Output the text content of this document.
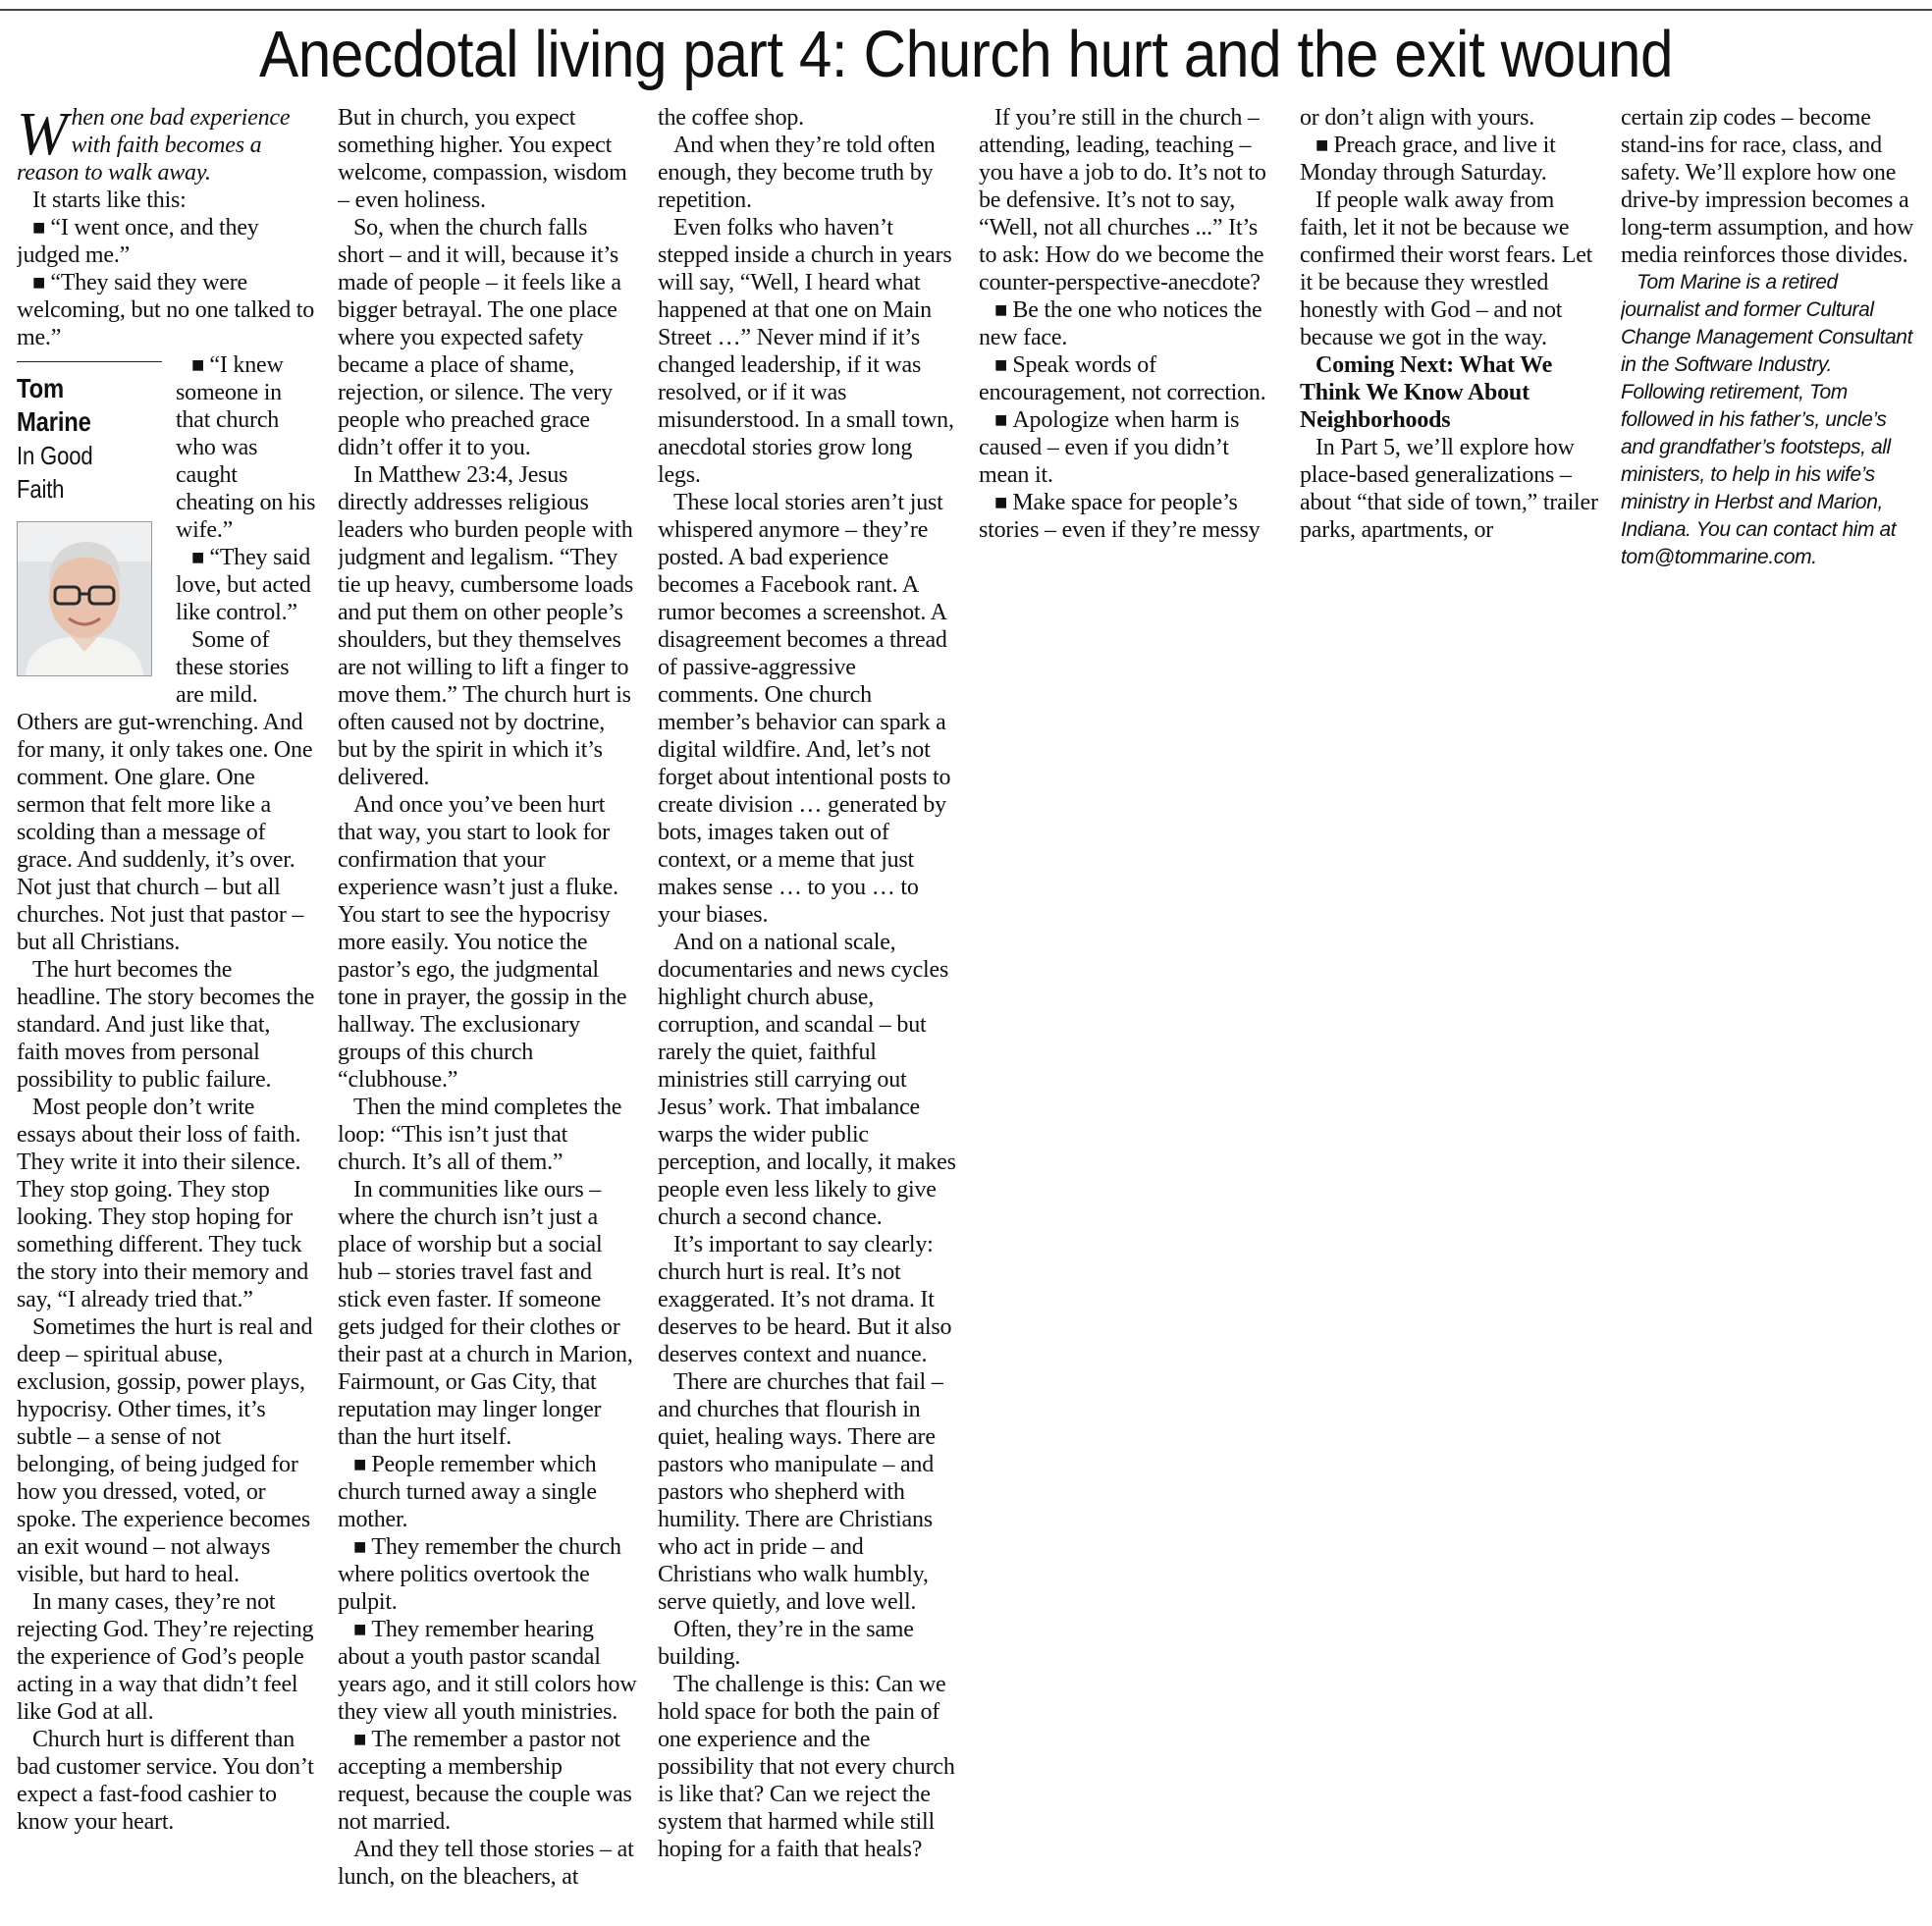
Anecdotal living part 4: Church hurt and the exit wound

When one bad experience with faith becomes a reason to walk away.

It starts like this:

■ “I went once, and they judged me.”

■ “They said they were welcoming, but no one talked to me.”

Tom
Marine
In Good
Faith

■ “I knew someone in that church who was caught cheating on his wife.”

■ “They said love, but acted like control.”

Some of these stories are mild. Others are gut-wrenching. And for many, it only takes one. One comment. One glare. One sermon that felt more like a scolding than a message of grace. And suddenly, it’s over. Not just that church – but all churches. Not just that pastor – but all Christians.

The hurt becomes the headline. The story becomes the standard. And just like that, faith moves from personal possibility to public failure.

Most people don’t write essays about their loss of faith. They write it into their silence. They stop going. They stop looking. They stop hoping for something different. They tuck the story into their memory and say, “I already tried that.”

Sometimes the hurt is real and deep – spiritual abuse, exclusion, gossip, power plays, hypocrisy. Other times, it’s subtle – a sense of not belonging, of being judged for how you dressed, voted, or spoke. The experience becomes an exit wound – not always visible, but hard to heal.

In many cases, they’re not rejecting God. They’re rejecting the experience of God’s people acting in a way that didn’t feel like God at all.

Church hurt is different than bad customer service. You don’t expect a fast-food cashier to know your heart.

But in church, you expect something higher. You expect welcome, compassion, wisdom – even holiness.

So, when the church falls short – and it will, because it’s made of people – it feels like a bigger betrayal. The one place where you expected safety became a place of shame, rejection, or silence. The very people who preached grace didn’t offer it to you.

In Matthew 23:4, Jesus directly addresses religious leaders who burden people with judgment and legalism. “They tie up heavy, cumbersome loads and put them on other people’s shoulders, but they themselves are not willing to lift a finger to move them.” The church hurt is often caused not by doctrine, but by the spirit in which it’s delivered.

And once you’ve been hurt that way, you start to look for confirmation that your experience wasn’t just a fluke. You start to see the hypocrisy more easily. You notice the pastor’s ego, the judgmental tone in prayer, the gossip in the hallway. The exclusionary groups of this church “clubhouse.”

Then the mind completes the loop: “This isn’t just that church. It’s all of them.”

In communities like ours – where the church isn’t just a place of worship but a social hub – stories travel fast and stick even faster. If someone gets judged for their clothes or their past at a church in Marion, Fairmount, or Gas City, that reputation may linger longer than the hurt itself.

■ People remember which church turned away a single mother.

■ They remember the church where politics overtook the pulpit.

■ They remember hearing about a youth pastor scandal years ago, and it still colors how they view all youth ministries.

■ The remember a pastor not accepting a membership request, because the couple was not married.

And they tell those stories – at lunch, on the bleachers, at

the coffee shop.

And when they’re told often enough, they become truth by repetition.

Even folks who haven’t stepped inside a church in years will say, “Well, I heard what happened at that one on Main Street …” Never mind if it’s changed leadership, if it was resolved, or if it was misunderstood. In a small town, anecdotal stories grow long legs.

These local stories aren’t just whispered anymore – they’re posted. A bad experience becomes a Facebook rant. A rumor becomes a screenshot. A disagreement becomes a thread of passive-aggressive comments. One church member’s behavior can spark a digital wildfire. And, let’s not forget about intentional posts to create division … generated by bots, images taken out of context, or a meme that just makes sense … to you … to your biases.

And on a national scale, documentaries and news cycles highlight church abuse, corruption, and scandal – but rarely the quiet, faithful ministries still carrying out Jesus’ work. That imbalance warps the wider public perception, and locally, it makes people even less likely to give church a second chance.

It’s important to say clearly: church hurt is real. It’s not exaggerated. It’s not drama. It deserves to be heard. But it also deserves context and nuance.

There are churches that fail – and churches that flourish in quiet, healing ways. There are pastors who manipulate – and pastors who shepherd with humility. There are Christians who act in pride – and Christians who walk humbly, serve quietly, and love well.

Often, they’re in the same building.

The challenge is this: Can we hold space for both the pain of one experience and the possibility that not every church is like that? Can we reject the system that harmed while still hoping for a faith that heals?

If you’re still in the church – attending, leading, teaching – you have a job to do. It’s not to be defensive. It’s not to say, “Well, not all churches ...” It’s to ask: How do we become the counter-perspective-anecdote?

■ Be the one who notices the new face.

■ Speak words of encouragement, not correction.

■ Apologize when harm is caused – even if you didn’t mean it.

■ Make space for people’s stories – even if they’re messy

or don’t align with yours.

■ Preach grace, and live it Monday through Saturday.

If people walk away from faith, let it not be because we confirmed their worst fears. Let it be because they wrestled honestly with God – and not because we got in the way.

Coming Next: What We Think We Know About Neighborhoods

In Part 5, we’ll explore how place-based generalizations – about “that side of town,” trailer parks, apartments, or

certain zip codes – become stand-ins for race, class, and safety. We’ll explore how one drive-by impression becomes a long-term assumption, and how media reinforces those divides.

Tom Marine is a retired journalist and former Cultural Change Management Consultant in the Software Industry. Following retirement, Tom followed in his father’s, uncle’s and grandfather’s footsteps, all ministers, to help in his wife’s ministry in Herbst and Marion, Indiana. You can contact him at tom@tommarine.com.
